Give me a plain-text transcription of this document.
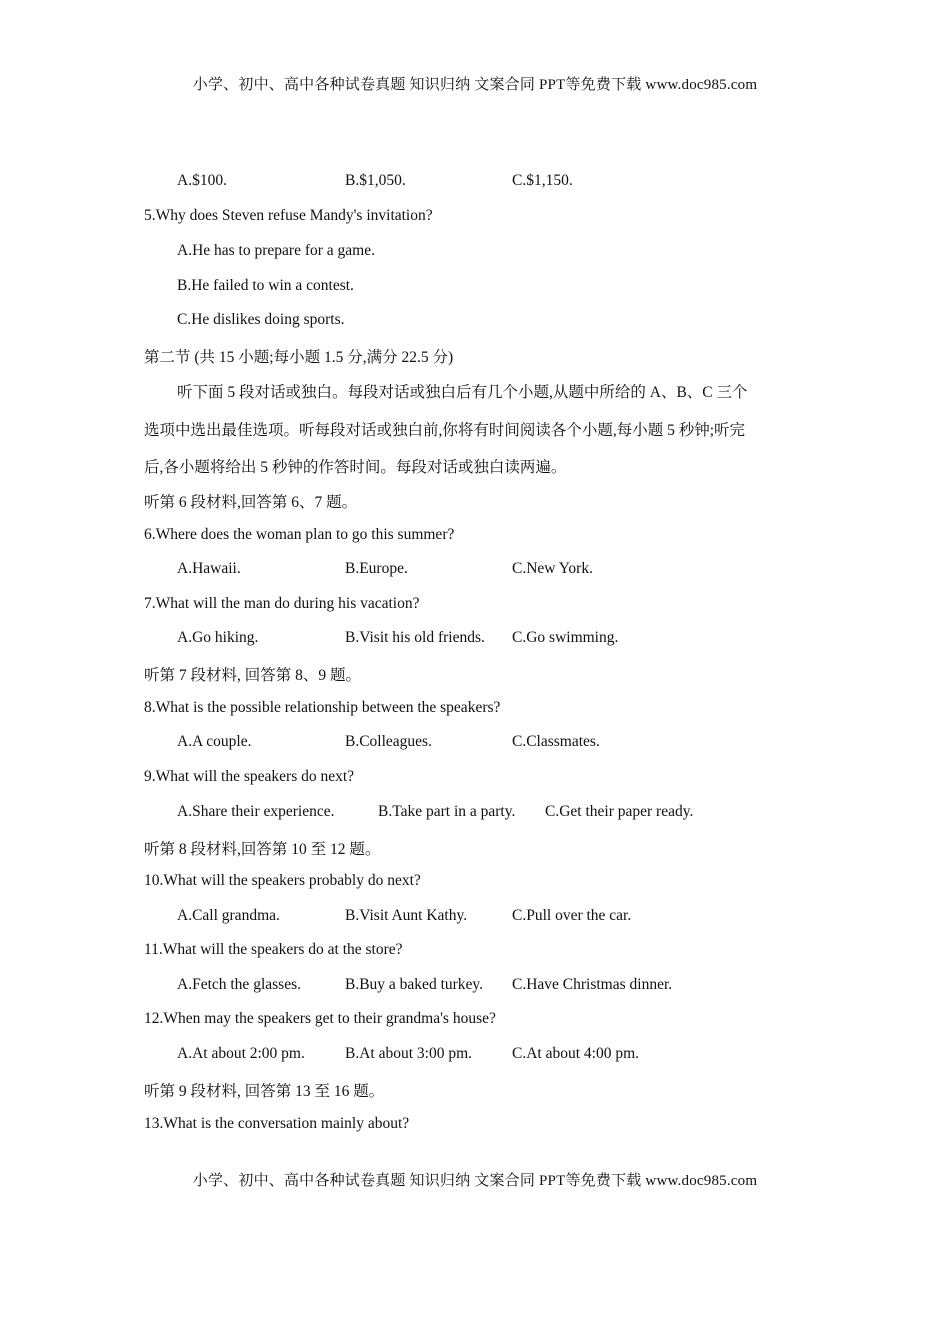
小学、初中、高中各种试卷真题 知识归纳 文案合同 PPT等免费下载 www.doc985.com
A.$100.	B.$1,050.	C.$1,150.
5.Why does Steven refuse Mandy's invitation?
A.He has to prepare for a game.
B.He failed to win a contest.
C.He dislikes doing sports.
第二节 (共 15 小题;每小题 1.5 分,满分 22.5 分)
听下面 5 段对话或独白。每段对话或独白后有几个小题,从题中所给的 A、B、C 三个
选项中选出最佳选项。听每段对话或独白前,你将有时间阅读各个小题,每小题 5 秒钟;听完
后,各小题将给出 5 秒钟的作答时间。每段对话或独白读两遍。
听第 6 段材料,回答第 6、7 题。
6.Where does the woman plan to go this summer?
A.Hawaii.	B.Europe.	C.New York.
7.What will the man do during his vacation?
A.Go hiking.	B.Visit his old friends. C.Go swimming.
听第 7 段材料, 回答第 8、9 题。
8.What is the possible relationship between the speakers?
A.A couple.	B.Colleagues.	C.Classmates.
9.What will the speakers do next?
A.Share their experience.	B.Take part in a party. C.Get their paper ready.
听第 8 段材料,回答第 10 至 12 题。
10.What will the speakers probably do next?
A.Call grandma.	B.Visit Aunt Kathy.	C.Pull over the car.
11.What will the speakers do at the store?
A.Fetch the glasses.	B.Buy a baked turkey. C.Have Christmas dinner.
12.When may the speakers get to their grandma's house?
A.At about 2:00 pm.	B.At about 3:00 pm.	C.At about 4:00 pm.
听第 9 段材料, 回答第 13 至 16 题。
13.What is the conversation mainly about?
小学、初中、高中各种试卷真题 知识归纳 文案合同 PPT等免费下载 www.doc985.com
